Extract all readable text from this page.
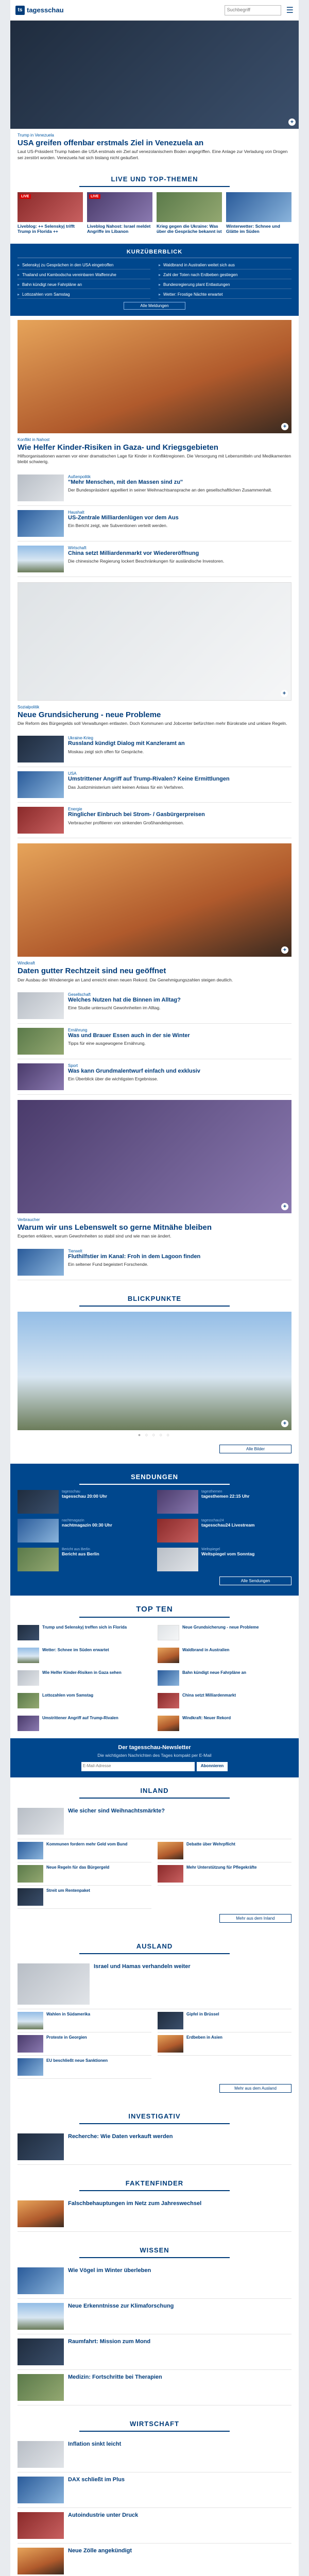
ts tagesschau	Suchbegriff	☰
+
Trump in Venezuela
USA greifen offenbar erstmals Ziel in Venezuela an
Laut US-Präsident Trump haben die USA erstmals ein Ziel auf venezolanischem Boden angegriffen. Eine Anlage zur Verladung von Drogen sei zerstört worden. Venezuela hat sich bislang nicht geäußert.
LIVE UND TOP-THEMEN
LIVE
Liveblog: ++ Selenskyj trifft Trump in Florida ++
LIVE
Liveblog Nahost: Israel meldet Angriffe im Libanon
Krieg gegen die Ukraine: Was über die Gespräche bekannt ist
Winterwetter: Schnee und Glätte im Süden
KURZÜBERBLICK
▸ Selenskyj zu Gesprächen in den USA eingetroffen	▸ Waldbrand in Australien weitet sich aus
▸ Thailand und Kambodscha vereinbaren Waffenruhe	▸ Zahl der Toten nach Erdbeben gestiegen
▸ Bahn kündigt neue Fahrpläne an	▸ Bundesregierung plant Entlastungen
▸ Lottozahlen vom Samstag	▸ Wetter: Frostige Nächte erwartet
Alle Meldungen
+
Konflikt in Nahost
Wie Helfer Kinder-Risiken in Gaza- und Kriegsgebieten
Hilfsorganisationen warnen vor einer dramatischen Lage für Kinder in Konfliktregionen. Die Versorgung mit Lebensmitteln und Medikamenten bleibt schwierig.
Außenpolitik
"Mehr Menschen, mit den Massen sind zu"
Der Bundespräsident appelliert in seiner Weihnachtsansprache an den gesellschaftlichen Zusammenhalt.
Haushalt
US-Zentrale Milliardenlügen vor dem Aus
Ein Bericht zeigt, wie Subventionen verteilt werden.
Wirtschaft
China setzt Milliardenmarkt vor Wiedereröffnung
Die chinesische Regierung lockert Beschränkungen für ausländische Investoren.
+
Sozialpolitik
Neue Grundsicherung - neue Probleme
Die Reform des Bürgergelds soll Verwaltungen entlasten. Doch Kommunen und Jobcenter befürchten mehr Bürokratie und unklare Regeln.
Ukraine-Krieg
Russland kündigt Dialog mit Kanzleramt an
Moskau zeigt sich offen für Gespräche.
USA
Umstrittener Angriff auf Trump-Rivalen? Keine Ermittlungen
Das Justizministerium sieht keinen Anlass für ein Verfahren.
Energie
Ringlicher Einbruch bei Strom- / Gasbürgerpreisen
Verbraucher profitieren von sinkenden Großhandelspreisen.
+
Windkraft
Daten gutter Rechtzeit sind neu geöffnet
Der Ausbau der Windenergie an Land erreicht einen neuen Rekord. Die Genehmigungszahlen steigen deutlich.
Gesellschaft
Welches Nutzen hat die Binnen im Alltag?
Eine Studie untersucht Gewohnheiten im Alltag.
Ernährung
Was und Brauer Essen auch in der sie Winter
Tipps für eine ausgewogene Ernährung.
Sport
Was kann Grundmalentwurf einfach und exklusiv
Ein Überblick über die wichtigsten Ergebnisse.
+
Verbraucher
Warum wir uns Lebenswelt so gerne Mitnähe bleiben
Experten erklären, warum Gewohnheiten so stabil sind und wie man sie ändert.
Tierwelt
Fluthilfstier im Kanal: Froh in dem Lagoon finden
Ein seltener Fund begeistert Forschende.
BLICKPUNKTE
+
● ○ ○ ○ ○
Alle Bilder
SENDUNGEN
tagesschau
tagesschau 20:00 Uhr
tagesthemen
tagesthemen 22:15 Uhr
nachtmagazin
nachtmagazin 00:30 Uhr
tagesschau24
tagesschau24 Livestream
Bericht aus Berlin
Bericht aus Berlin
Weltspiegel
Weltspiegel vom Sonntag
Alle Sendungen
TOP TEN
Trump und Selenskyj treffen sich in Florida	Neue Grundsicherung - neue Probleme
Wetter: Schnee im Süden erwartet	Waldbrand in Australien
Wie Helfer Kinder-Risiken in Gaza sehen	Bahn kündigt neue Fahrpläne an
Lottozahlen vom Samstag	China setzt Milliardenmarkt
Umstrittener Angriff auf Trump-Rivalen	Windkraft: Neuer Rekord
Der tagesschau-Newsletter
Die wichtigsten Nachrichten des Tages kompakt per E-Mail
E-Mail-Adresse	Abonnieren
INLAND
Wie sicher sind Weihnachtsmärkte?
Kommunen fordern mehr Geld vom Bund
Neue Regeln für das Bürgergeld
Streit um Rentenpaket
Debatte über Wehrpflicht
Mehr Unterstützung für Pflegekräfte
Mehr aus dem Inland
AUSLAND
Israel und Hamas verhandeln weiter
Wahlen in Südamerika
Proteste in Georgien
EU beschließt neue Sanktionen
Gipfel in Brüssel
Erdbeben in Asien
Mehr aus dem Ausland
INVESTIGATIV
Recherche: Wie Daten verkauft werden
FAKTENFINDER
Falschbehauptungen im Netz zum Jahreswechsel
WISSEN
Wie Vögel im Winter überleben
Neue Erkenntnisse zur Klimaforschung
Raumfahrt: Mission zum Mond
Medizin: Fortschritte bei Therapien
WIRTSCHAFT
Inflation sinkt leicht
DAX schließt im Plus
Autoindustrie unter Druck
Neue Zölle angekündigt
